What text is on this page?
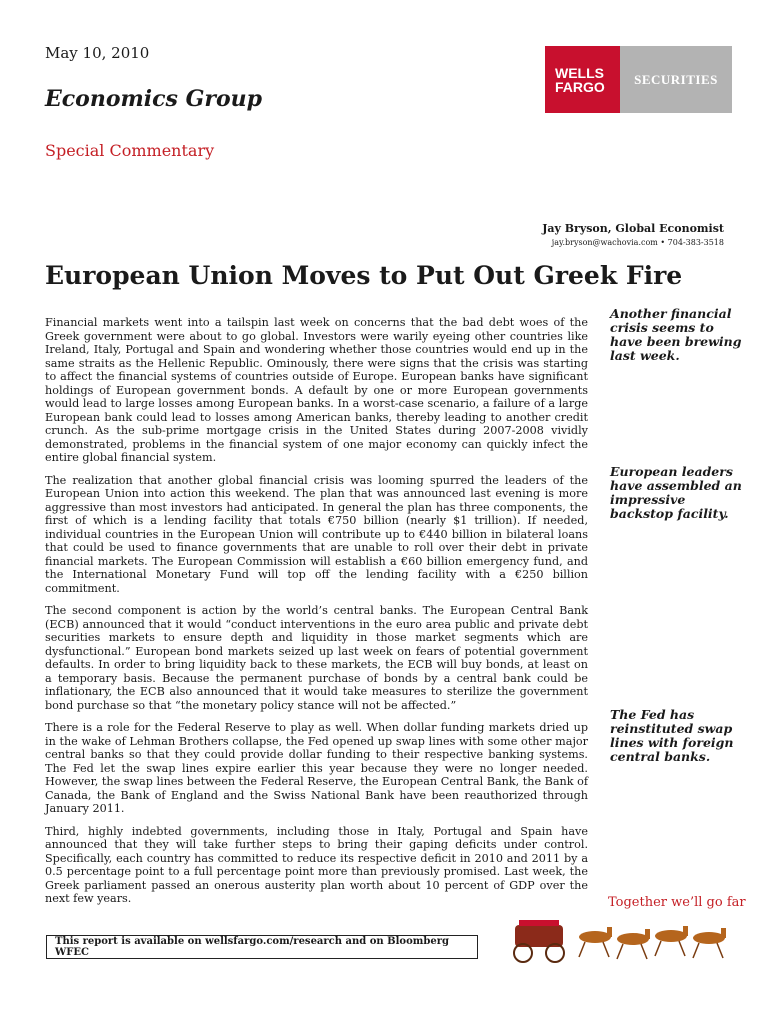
May 10, 2010
Economics Group
Special Commentary
WELLS
FARGO	SECURITIES
Jay Bryson, Global Economist
jay.bryson@wachovia.com • 704-383-3518
European Union Moves to Put Out Greek Fire

Financial markets went into a tailspin last week on concerns that the bad debt woes of the Greek government were about to go global. Investors were warily eyeing other countries like Ireland, Italy, Portugal and Spain and wondering whether those countries would end up in the same straits as the Hellenic Republic. Ominously, there were signs that the crisis was starting to affect the financial systems of countries outside of Europe. European banks have significant holdings of European government bonds. A default by one or more European governments would lead to large losses among European banks. In a worst-case scenario, a failure of a large European bank could lead to losses among American banks, thereby leading to another credit crunch. As the sub-prime mortgage crisis in the United States during 2007-2008 vividly demonstrated, problems in the financial system of one major economy can quickly infect the entire global financial system.

The realization that another global financial crisis was looming spurred the leaders of the European Union into action this weekend. The plan that was announced last evening is more aggressive than most investors had anticipated. In general the plan has three components, the first of which is a lending facility that totals €750 billion (nearly $1 trillion). If needed, individual countries in the European Union will contribute up to €440 billion in bilateral loans that could be used to finance governments that are unable to roll over their debt in private financial markets. The European Commission will establish a €60 billion emergency fund, and the International Monetary Fund will top off the lending facility with a €250 billion commitment.

The second component is action by the world’s central banks. The European Central Bank (ECB) announced that it would “conduct interventions in the euro area public and private debt securities markets to ensure depth and liquidity in those market segments which are dysfunctional.” European bond markets seized up last week on fears of potential government defaults. In order to bring liquidity back to these markets, the ECB will buy bonds, at least on a temporary basis. Because the permanent purchase of bonds by a central bank could be inflationary, the ECB also announced that it would take measures to sterilize the government bond purchase so that “the monetary policy stance will not be affected.”

There is a role for the Federal Reserve to play as well. When dollar funding markets dried up in the wake of Lehman Brothers collapse, the Fed opened up swap lines with some other major central banks so that they could provide dollar funding to their respective banking systems. The Fed let the swap lines expire earlier this year because they were no longer needed. However, the swap lines between the Federal Reserve, the European Central Bank, the Bank of Canada, the Bank of England and the Swiss National Bank have been reauthorized through January 2011.

Third, highly indebted governments, including those in Italy, Portugal and Spain have announced that they will take further steps to bring their gaping deficits under control. Specifically, each country has committed to reduce its respective deficit in 2010 and 2011 by a 0.5 percentage point to a full percentage point more than previously promised. Last week, the Greek parliament passed an onerous austerity plan worth about 10 percent of GDP over the next few years.

Another financial crisis seems to have been brewing last week.
European leaders have assembled an impressive backstop facility.
The Fed has reinstituted swap lines with foreign central banks.
This report is available on wellsfargo.com/research and on Bloomberg WFEC
Together we’ll go far
